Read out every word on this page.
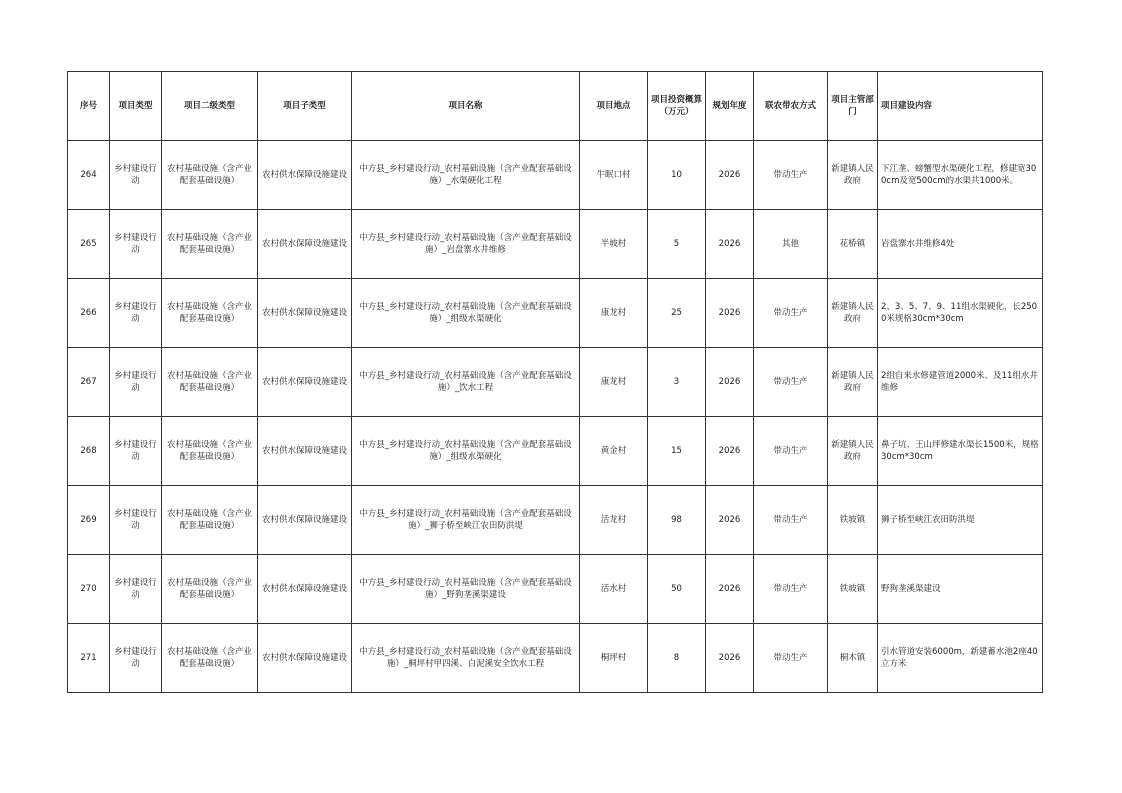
序号	项目类型	项目二级类型	项目子类型	项目名称	项目地点	项目投资概算（万元）	规划年度	联农带农方式	项目主管部门	项目建设内容
264	乡村建设行动	农村基础设施（含产业配套基础设施）	农村供水保障设施建设	中方县_乡村建设行动_农村基础设施（含产业配套基础设施）_水渠硬化工程	牛眠口村	10	2026	带动生产	新建镇人民政府	下江垄、螃蟹型水渠硬化工程，修建宽300cm及宽500cm的水渠共1000米。
265	乡村建设行动	农村基础设施（含产业配套基础设施）	农村供水保障设施建设	中方县_乡村建设行动_农村基础设施（含产业配套基础设施）_岩盘寨水井维修	半坡村	5	2026	其他	花桥镇	岩盘寨水井维修4处
266	乡村建设行动	农村基础设施（含产业配套基础设施）	农村供水保障设施建设	中方县_乡村建设行动_农村基础设施（含产业配套基础设施）_组级水渠硬化	康龙村	25	2026	带动生产	新建镇人民政府	2、3、5、7、9、11组水渠硬化，长2500米规格30cm*30cm
267	乡村建设行动	农村基础设施（含产业配套基础设施）	农村供水保障设施建设	中方县_乡村建设行动_农村基础设施（含产业配套基础设施）_饮水工程	康龙村	3	2026	带动生产	新建镇人民政府	2组自来水修建管道2000米、及11组水井维修
268	乡村建设行动	农村基础设施（含产业配套基础设施）	农村供水保障设施建设	中方县_乡村建设行动_农村基础设施（含产业配套基础设施）_组级水渠硬化	黄金村	15	2026	带动生产	新建镇人民政府	鼻子坑、王山坪修建水渠长1500米，规格30cm*30cm
269	乡村建设行动	农村基础设施（含产业配套基础设施）	农村供水保障设施建设	中方县_乡村建设行动_农村基础设施（含产业配套基础设施）_狮子桥至峡江农田防洪堤	活龙村	98	2026	带动生产	铁坡镇	狮子桥至峡江农田防洪堤
270	乡村建设行动	农村基础设施（含产业配套基础设施）	农村供水保障设施建设	中方县_乡村建设行动_农村基础设施（含产业配套基础设施）_野狗垄溪渠建设	活水村	50	2026	带动生产	铁坡镇	野狗垄溪渠建设
271	乡村建设行动	农村基础设施（含产业配套基础设施）	农村供水保障设施建设	中方县_乡村建设行动_农村基础设施（含产业配套基础设施）_桐坪村甲四溪、白泥溪安全饮水工程	桐坪村	8	2026	带动生产	桐木镇	引水管道安装6000m，新建蓄水池2座40立方米
